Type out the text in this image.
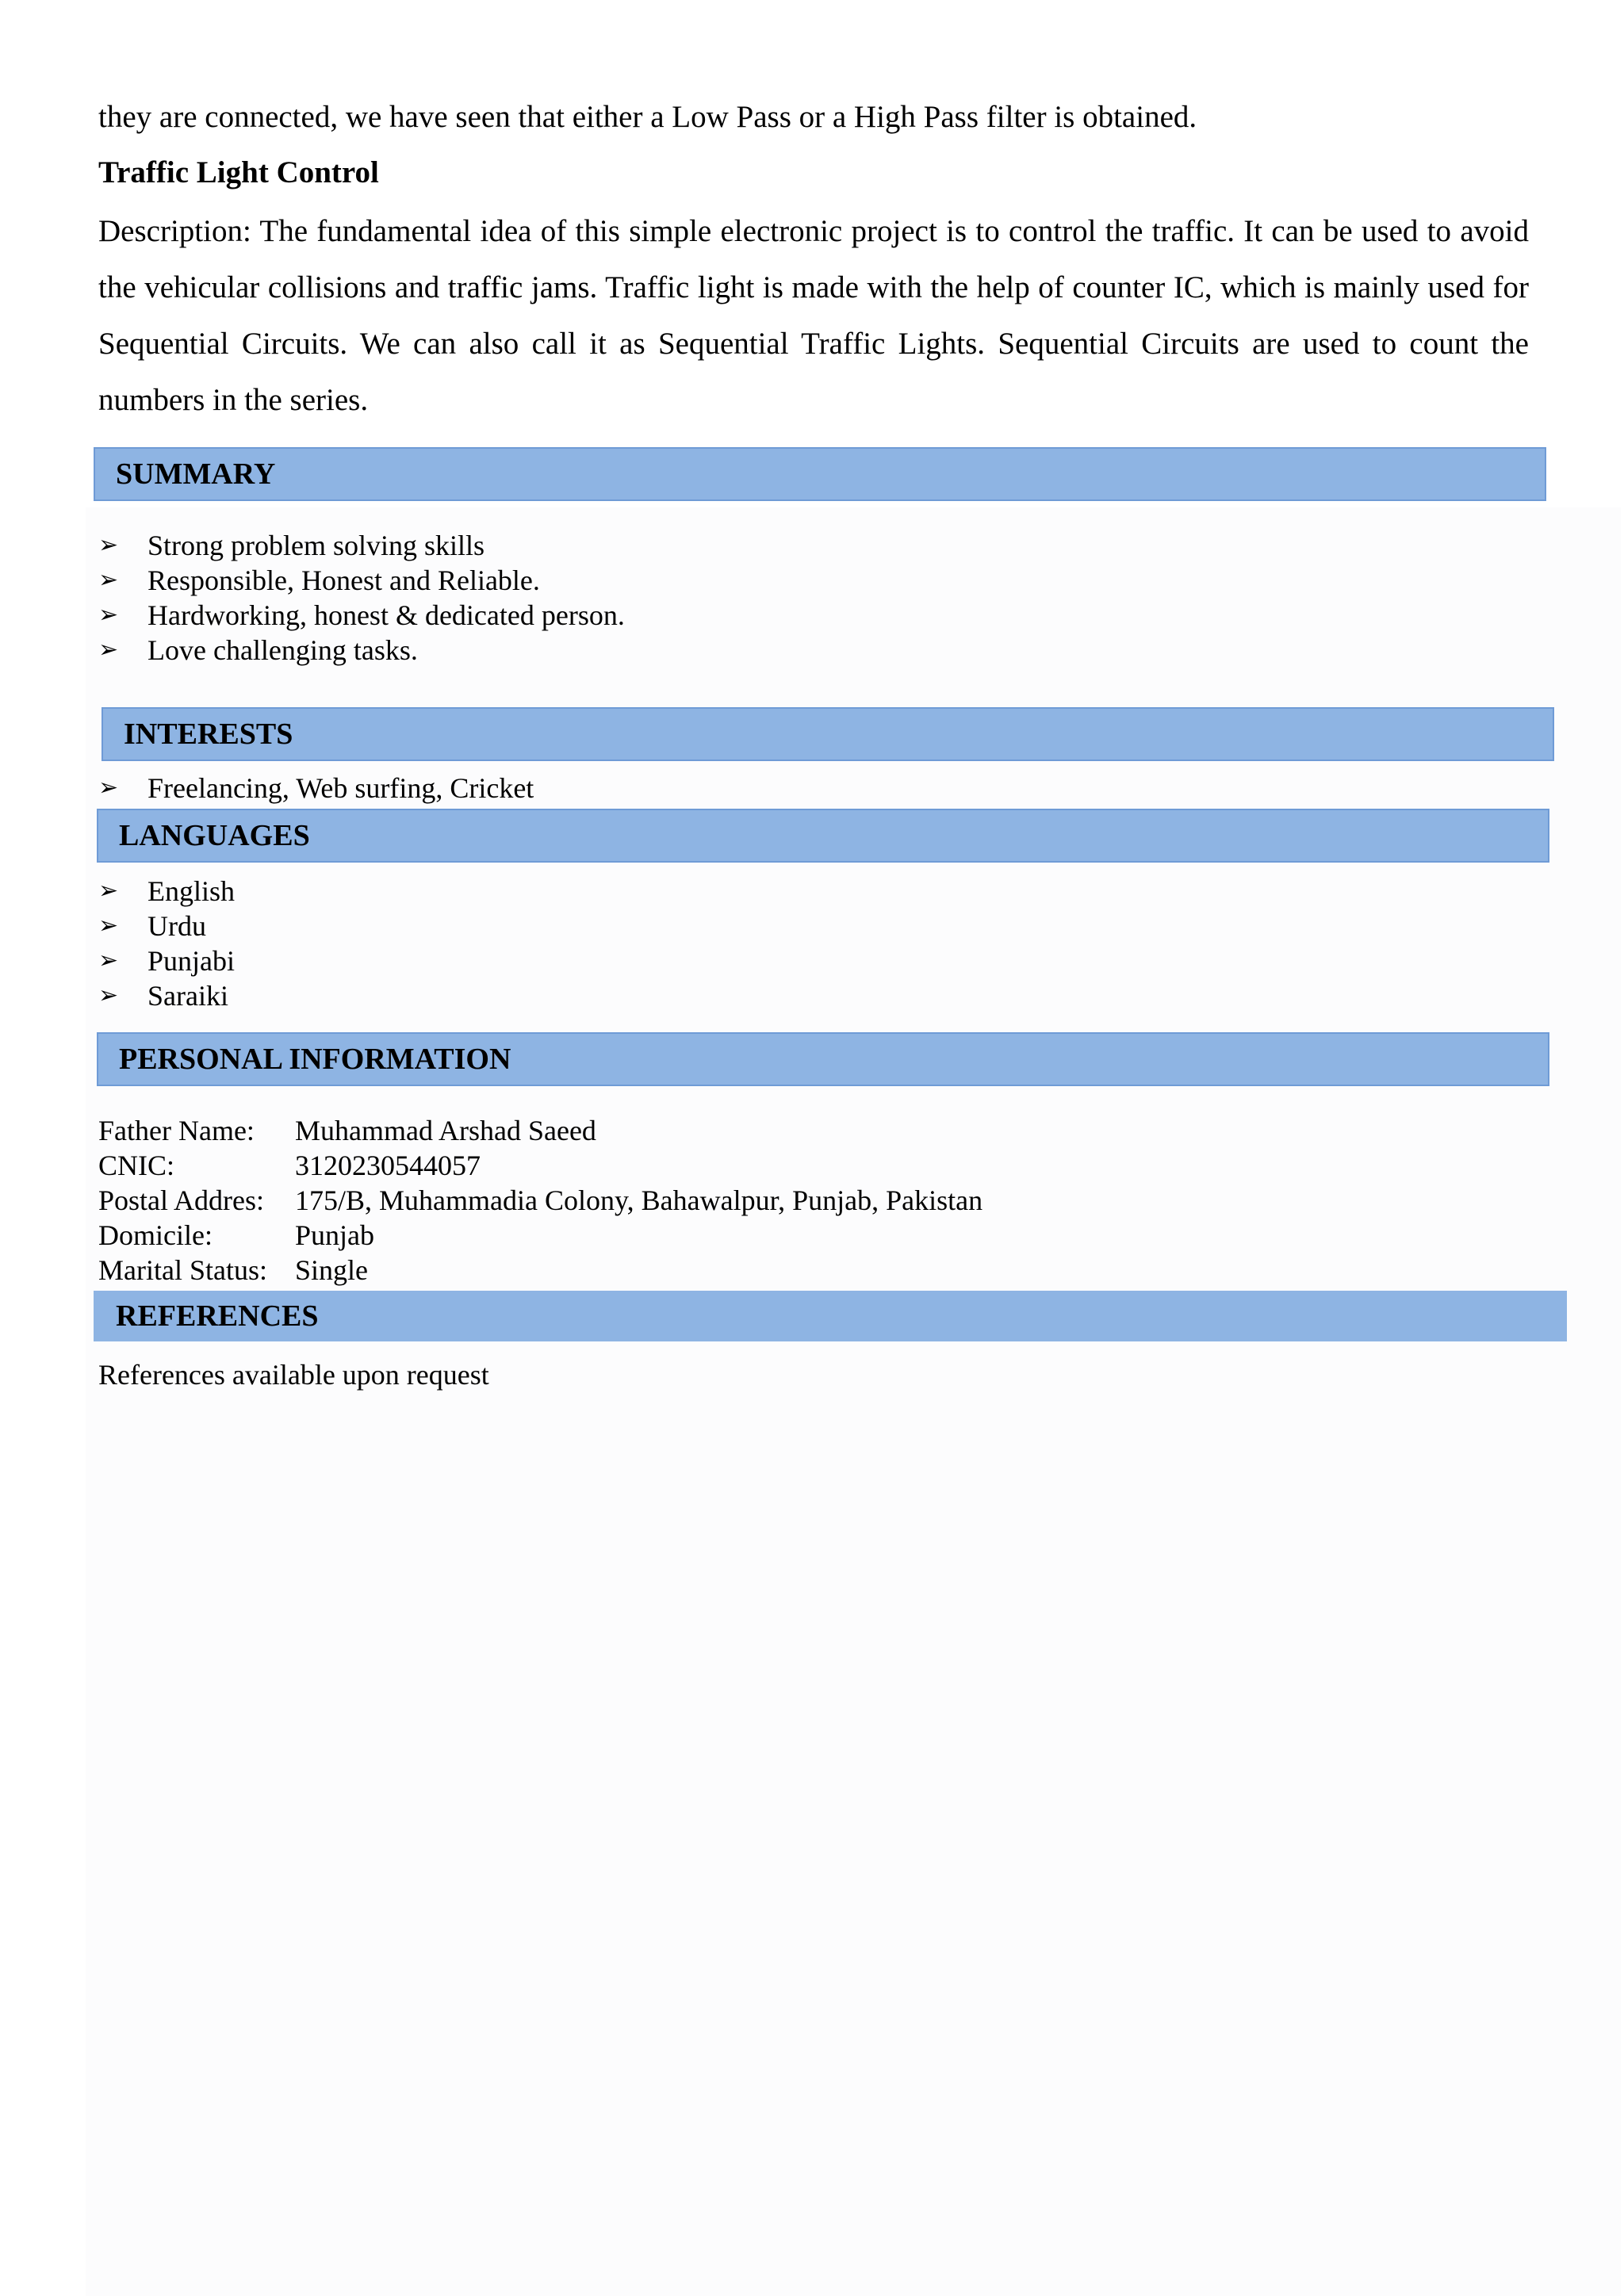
they are connected, we have seen that either a Low Pass or a High Pass filter is obtained.
Traffic Light Control
Description: The fundamental idea of this simple electronic project is to control the traffic. It can be used to avoid the vehicular collisions and traffic jams. Traffic light is made with the help of counter IC, which is mainly used for Sequential Circuits. We can also call it as Sequential Traffic Lights. Sequential Circuits are used to count the numbers in the series.
SUMMARY
➢ Strong problem solving skills
➢ Responsible, Honest and Reliable.
➢ Hardworking, honest & dedicated person.
➢ Love challenging tasks.
INTERESTS
➢ Freelancing, Web surfing, Cricket
LANGUAGES
➢ English
➢ Urdu
➢ Punjabi
➢ Saraiki
PERSONAL INFORMATION
Father Name:	Muhammad Arshad Saeed
CNIC:	3120230544057
Postal Addres:	175/B, Muhammadia Colony, Bahawalpur, Punjab, Pakistan
Domicile:	Punjab
Marital Status: Single
REFERENCES
References available upon request
